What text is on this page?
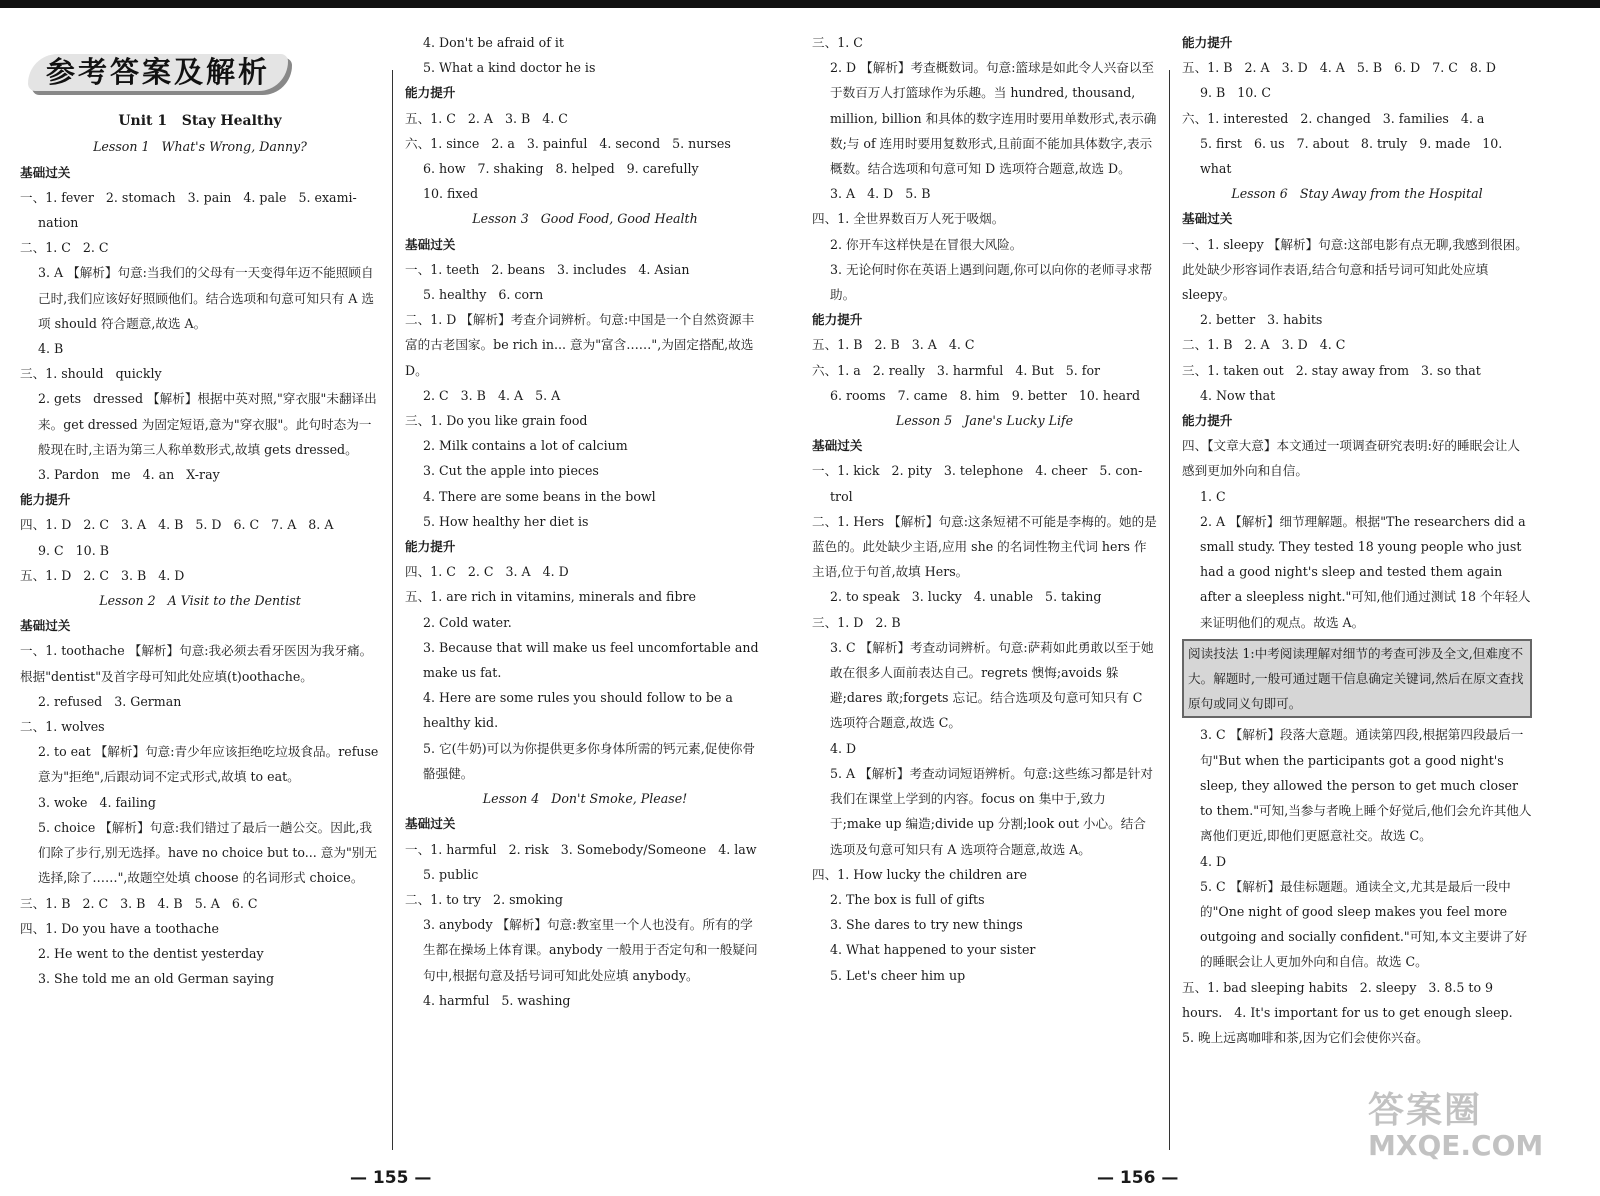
参考答案及解析
Unit 1   Stay Healthy
Lesson 1   What's Wrong, Danny?
基础过关
一、1. fever   2. stomach   3. pain   4. pale   5. exami-
nation
二、1. C   2. C
3. A 【解析】句意:当我们的父母有一天变得年迈不能照顾自己时,我们应该好好照顾他们。结合选项和句意可知只有 A 选项 should 符合题意,故选 A。
4. B
三、1. should   quickly
2. gets   dressed 【解析】根据中英对照,"穿衣服"未翻译出来。get dressed 为固定短语,意为"穿衣服"。此句时态为一般现在时,主语为第三人称单数形式,故填 gets dressed。
3. Pardon   me   4. an   X-ray
能力提升
四、1. D   2. C   3. A   4. B   5. D   6. C   7. A   8. A
9. C   10. B
五、1. D   2. C   3. B   4. D
Lesson 2   A Visit to the Dentist
基础过关
一、1. toothache 【解析】句意:我必须去看牙医因为我牙痛。根据"dentist"及首字母可知此处应填(t)oothache。
2. refused   3. German
二、1. wolves
2. to eat 【解析】句意:青少年应该拒绝吃垃圾食品。refuse 意为"拒绝",后跟动词不定式形式,故填 to eat。
3. woke   4. failing
5. choice 【解析】句意:我们错过了最后一趟公交。因此,我们除了步行,别无选择。have no choice but to... 意为"别无选择,除了……",故题空处填 choose 的名词形式 choice。
三、1. B   2. C   3. B   4. B   5. A   6. C
四、1. Do you have a toothache
2. He went to the dentist yesterday
3. She told me an old German saying
4. Don't be afraid of it
5. What a kind doctor he is
能力提升
五、1. C   2. A   3. B   4. C
六、1. since   2. a   3. painful   4. second   5. nurses
6. how   7. shaking   8. helped   9. carefully
10. fixed
Lesson 3   Good Food, Good Health
基础过关
一、1. teeth   2. beans   3. includes   4. Asian
5. healthy   6. corn
二、1. D 【解析】考查介词辨析。句意:中国是一个自然资源丰富的古老国家。be rich in... 意为"富含……",为固定搭配,故选 D。
2. C   3. B   4. A   5. A
三、1. Do you like grain food
2. Milk contains a lot of calcium
3. Cut the apple into pieces
4. There are some beans in the bowl
5. How healthy her diet is
能力提升
四、1. C   2. C   3. A   4. D
五、1. are rich in vitamins, minerals and fibre
2. Cold water.
3. Because that will make us feel uncomfortable and make us fat.
4. Here are some rules you should follow to be a healthy kid.
5. 它(牛奶)可以为你提供更多你身体所需的钙元素,促使你骨骼强健。
Lesson 4   Don't Smoke, Please!
基础过关
一、1. harmful   2. risk   3. Somebody/Someone   4. law
5. public
二、1. to try   2. smoking
3. anybody 【解析】句意:教室里一个人也没有。所有的学生都在操场上体育课。anybody 一般用于否定句和一般疑问句中,根据句意及括号词可知此处应填 anybody。
4. harmful   5. washing
— 155 —
三、1. C
2. D 【解析】考查概数词。句意:篮球是如此令人兴奋以至于数百万人打篮球作为乐趣。当 hundred, thousand, million, billion 和具体的数字连用时要用单数形式,表示确数;与 of 连用时要用复数形式,且前面不能加具体数字,表示概数。结合选项和句意可知 D 选项符合题意,故选 D。
3. A   4. D   5. B
四、1. 全世界数百万人死于吸烟。
2. 你开车这样快是在冒很大风险。
3. 无论何时你在英语上遇到问题,你可以向你的老师寻求帮助。
能力提升
五、1. B   2. B   3. A   4. C
六、1. a   2. really   3. harmful   4. But   5. for
6. rooms   7. came   8. him   9. better   10. heard
Lesson 5   Jane's Lucky Life
基础过关
一、1. kick   2. pity   3. telephone   4. cheer   5. con-
trol
二、1. Hers 【解析】句意:这条短裙不可能是李梅的。她的是蓝色的。此处缺少主语,应用 she 的名词性物主代词 hers 作主语,位于句首,故填 Hers。
2. to speak   3. lucky   4. unable   5. taking
三、1. D   2. B
3. C 【解析】考查动词辨析。句意:萨莉如此勇敢以至于她敢在很多人面前表达自己。regrets 懊悔;avoids 躲避;dares 敢;forgets 忘记。结合选项及句意可知只有 C 选项符合题意,故选 C。
4. D
5. A 【解析】考查动词短语辨析。句意:这些练习都是针对我们在课堂上学到的内容。focus on 集中于,致力于;make up 编造;divide up 分割;look out 小心。结合选项及句意可知只有 A 选项符合题意,故选 A。
四、1. How lucky the children are
2. The box is full of gifts
3. She dares to try new things
4. What happened to your sister
5. Let's cheer him up
能力提升
五、1. B   2. A   3. D   4. A   5. B   6. D   7. C   8. D
9. B   10. C
六、1. interested   2. changed   3. families   4. a
5. first   6. us   7. about   8. truly   9. made   10. what
Lesson 6   Stay Away from the Hospital
基础过关
一、1. sleepy 【解析】句意:这部电影有点无聊,我感到很困。此处缺少形容词作表语,结合句意和括号词可知此处应填 sleepy。
2. better   3. habits
二、1. B   2. A   3. D   4. C
三、1. taken out   2. stay away from   3. so that
4. Now that
能力提升
四、【文章大意】本文通过一项调查研究表明:好的睡眠会让人感到更加外向和自信。
1. C
2. A 【解析】细节理解题。根据"The researchers did a small study. They tested 18 young people who just had a good night's sleep and tested them again after a sleepless night."可知,他们通过测试 18 个年轻人来证明他们的观点。故选 A。
阅读技法 1:中考阅读理解对细节的考查可涉及全文,但难度不大。解题时,一般可通过题干信息确定关键词,然后在原文查找原句或同义句即可。
3. C 【解析】段落大意题。通读第四段,根据第四段最后一句"But when the participants got a good night's sleep, they allowed the person to get much closer to them."可知,当参与者晚上睡个好觉后,他们会允许其他人离他们更近,即他们更愿意社交。故选 C。
4. D
5. C 【解析】最佳标题题。通读全文,尤其是最后一段中的"One night of good sleep makes you feel more outgoing and socially confident."可知,本文主要讲了好的睡眠会让人更加外向和自信。故选 C。
五、1. bad sleeping habits   2. sleepy   3. 8.5 to 9 hours.   4. It's important for us to get enough sleep.   5. 晚上远离咖啡和茶,因为它们会使你兴奋。
— 156 —
答案圈
MXQE.COM
